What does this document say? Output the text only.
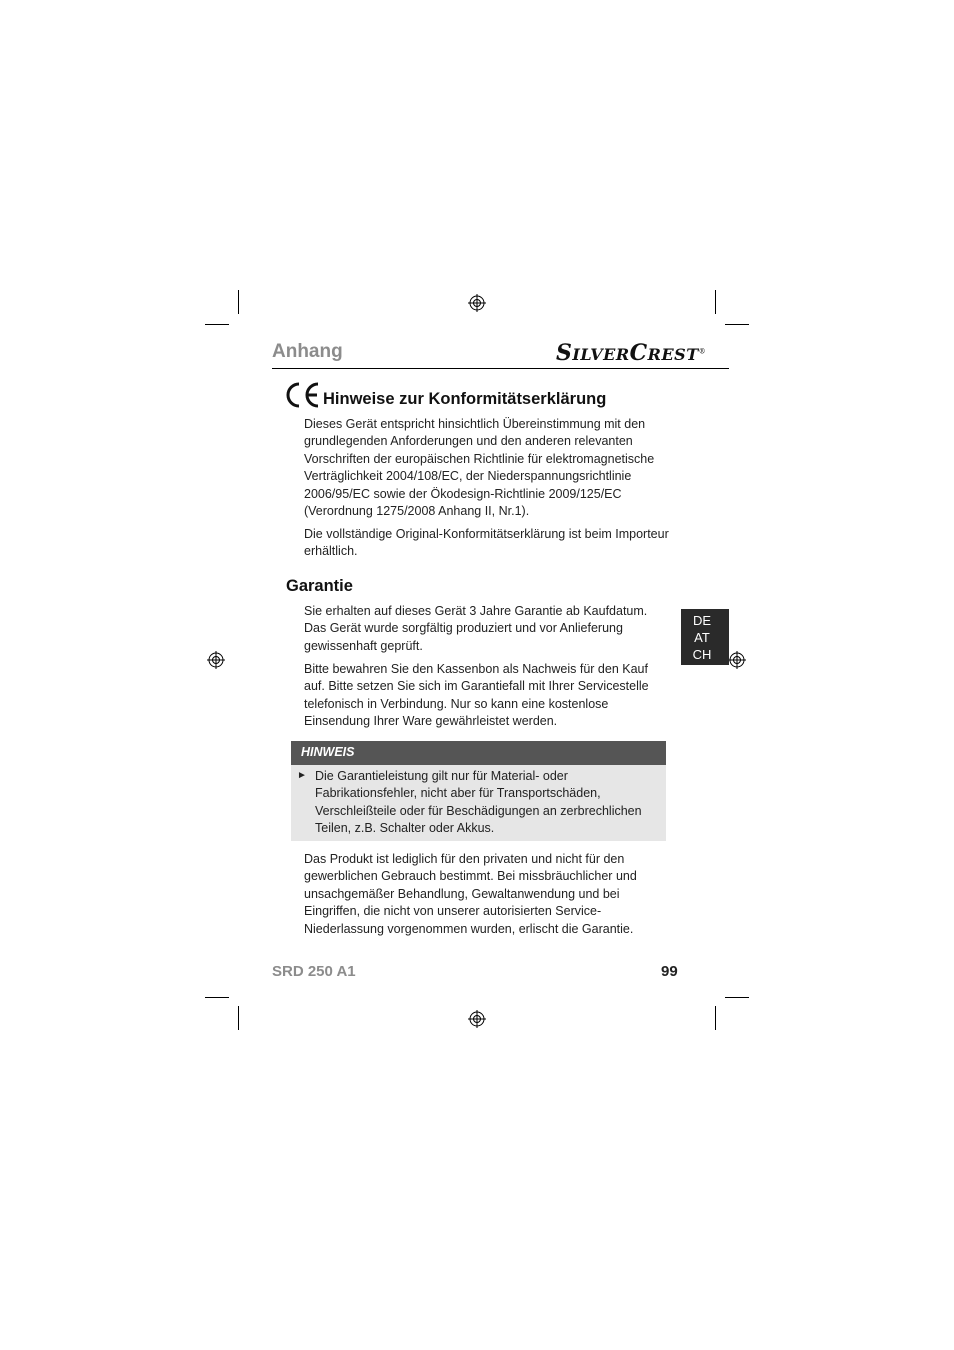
Anhang	SILVERCREST®
Hinweise zur Konformitätserklärung

Dieses Gerät entspricht hinsichtlich Übereinstimmung mit den grundlegenden Anforderungen und den anderen relevanten Vorschriften der europäischen Richtlinie für elektromagnetische Verträglichkeit 2004/108/EC, der Niederspannungsrichtlinie 2006/95/EC sowie der Ökodesign-Richtlinie 2009/125/EC (Verordnung 1275/2008 Anhang II, Nr.1).

Die vollständige Original-Konformitätserklärung ist beim Importeur erhältlich.

Garantie

Sie erhalten auf dieses Gerät 3 Jahre Garantie ab Kaufdatum. Das Gerät wurde sorgfältig produziert und vor Anlieferung gewissenhaft geprüft.

Bitte bewahren Sie den Kassenbon als Nachweis für den Kauf auf. Bitte setzen Sie sich im Garantiefall mit Ihrer Servicestelle telefonisch in Verbindung. Nur so kann eine kostenlose Einsendung Ihrer Ware gewährleistet werden.

HINWEIS
► Die Garantieleistung gilt nur für Material- oder Fabrikationsfehler, nicht aber für Transportschäden, Verschleißteile oder für Beschädigungen an zerbrechlichen Teilen, z.B. Schalter oder Akkus.

Das Produkt ist lediglich für den privaten und nicht für den gewerblichen Gebrauch bestimmt. Bei missbräuchlicher und unsachgemäßer Behandlung, Gewaltanwendung und bei Eingriffen, die nicht von unserer autorisierten Service-Niederlassung vorgenommen wurden, erlischt die Garantie.

DE
AT
CH
SRD 250 A1	99
